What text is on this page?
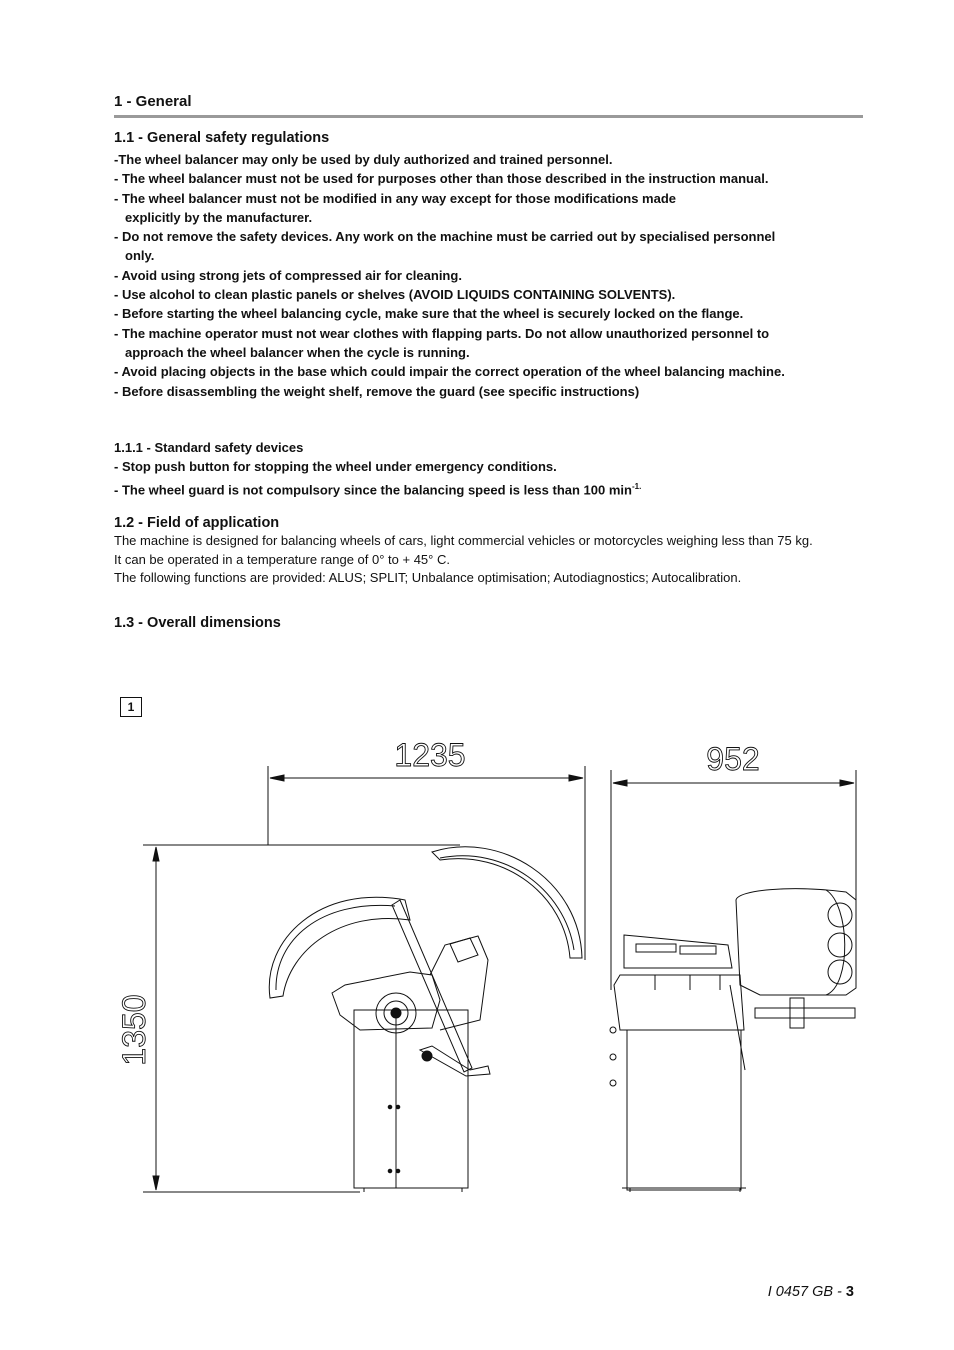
1 - General
1.1 - General safety regulations
-The wheel balancer may only be used by duly authorized and trained personnel.
- The wheel balancer must not be used for purposes other than those described in the instruction manual.
- The wheel balancer must not be modified in any way except for those modifications made
explicitly by the manufacturer.
- Do not remove the safety devices. Any work on the machine must be carried out by specialised personnel
only.
- Avoid using strong jets of compressed air for cleaning.
- Use alcohol to clean plastic panels or shelves (AVOID LIQUIDS CONTAINING SOLVENTS).
- Before starting the wheel balancing cycle, make sure that the wheel is securely locked on the flange.
- The machine operator must not wear clothes with flapping parts. Do not allow unauthorized personnel to
approach the wheel balancer when the cycle is running.
- Avoid placing objects in the base which could impair the correct operation of the wheel balancing machine.
- Before disassembling the weight shelf, remove the guard (see specific instructions)
1.1.1 - Standard safety devices
- Stop push button for stopping the wheel under emergency conditions.
- The wheel guard is not compulsory since the balancing speed is less than 100 $\min^{-1.}$
1.2 - Field of application
The machine is designed for balancing wheels of cars, light commercial vehicles or motorcycles weighing less than 75 kg.
It can be operated in a temperature range of 0° to + 45° C.
The following functions are provided: ALUS; SPLIT; Unbalance optimisation; Autodiagnostics; Autocalibration.
1.3 - Overall dimensions
1
1235	952
1350
I 0457 GB - 3
